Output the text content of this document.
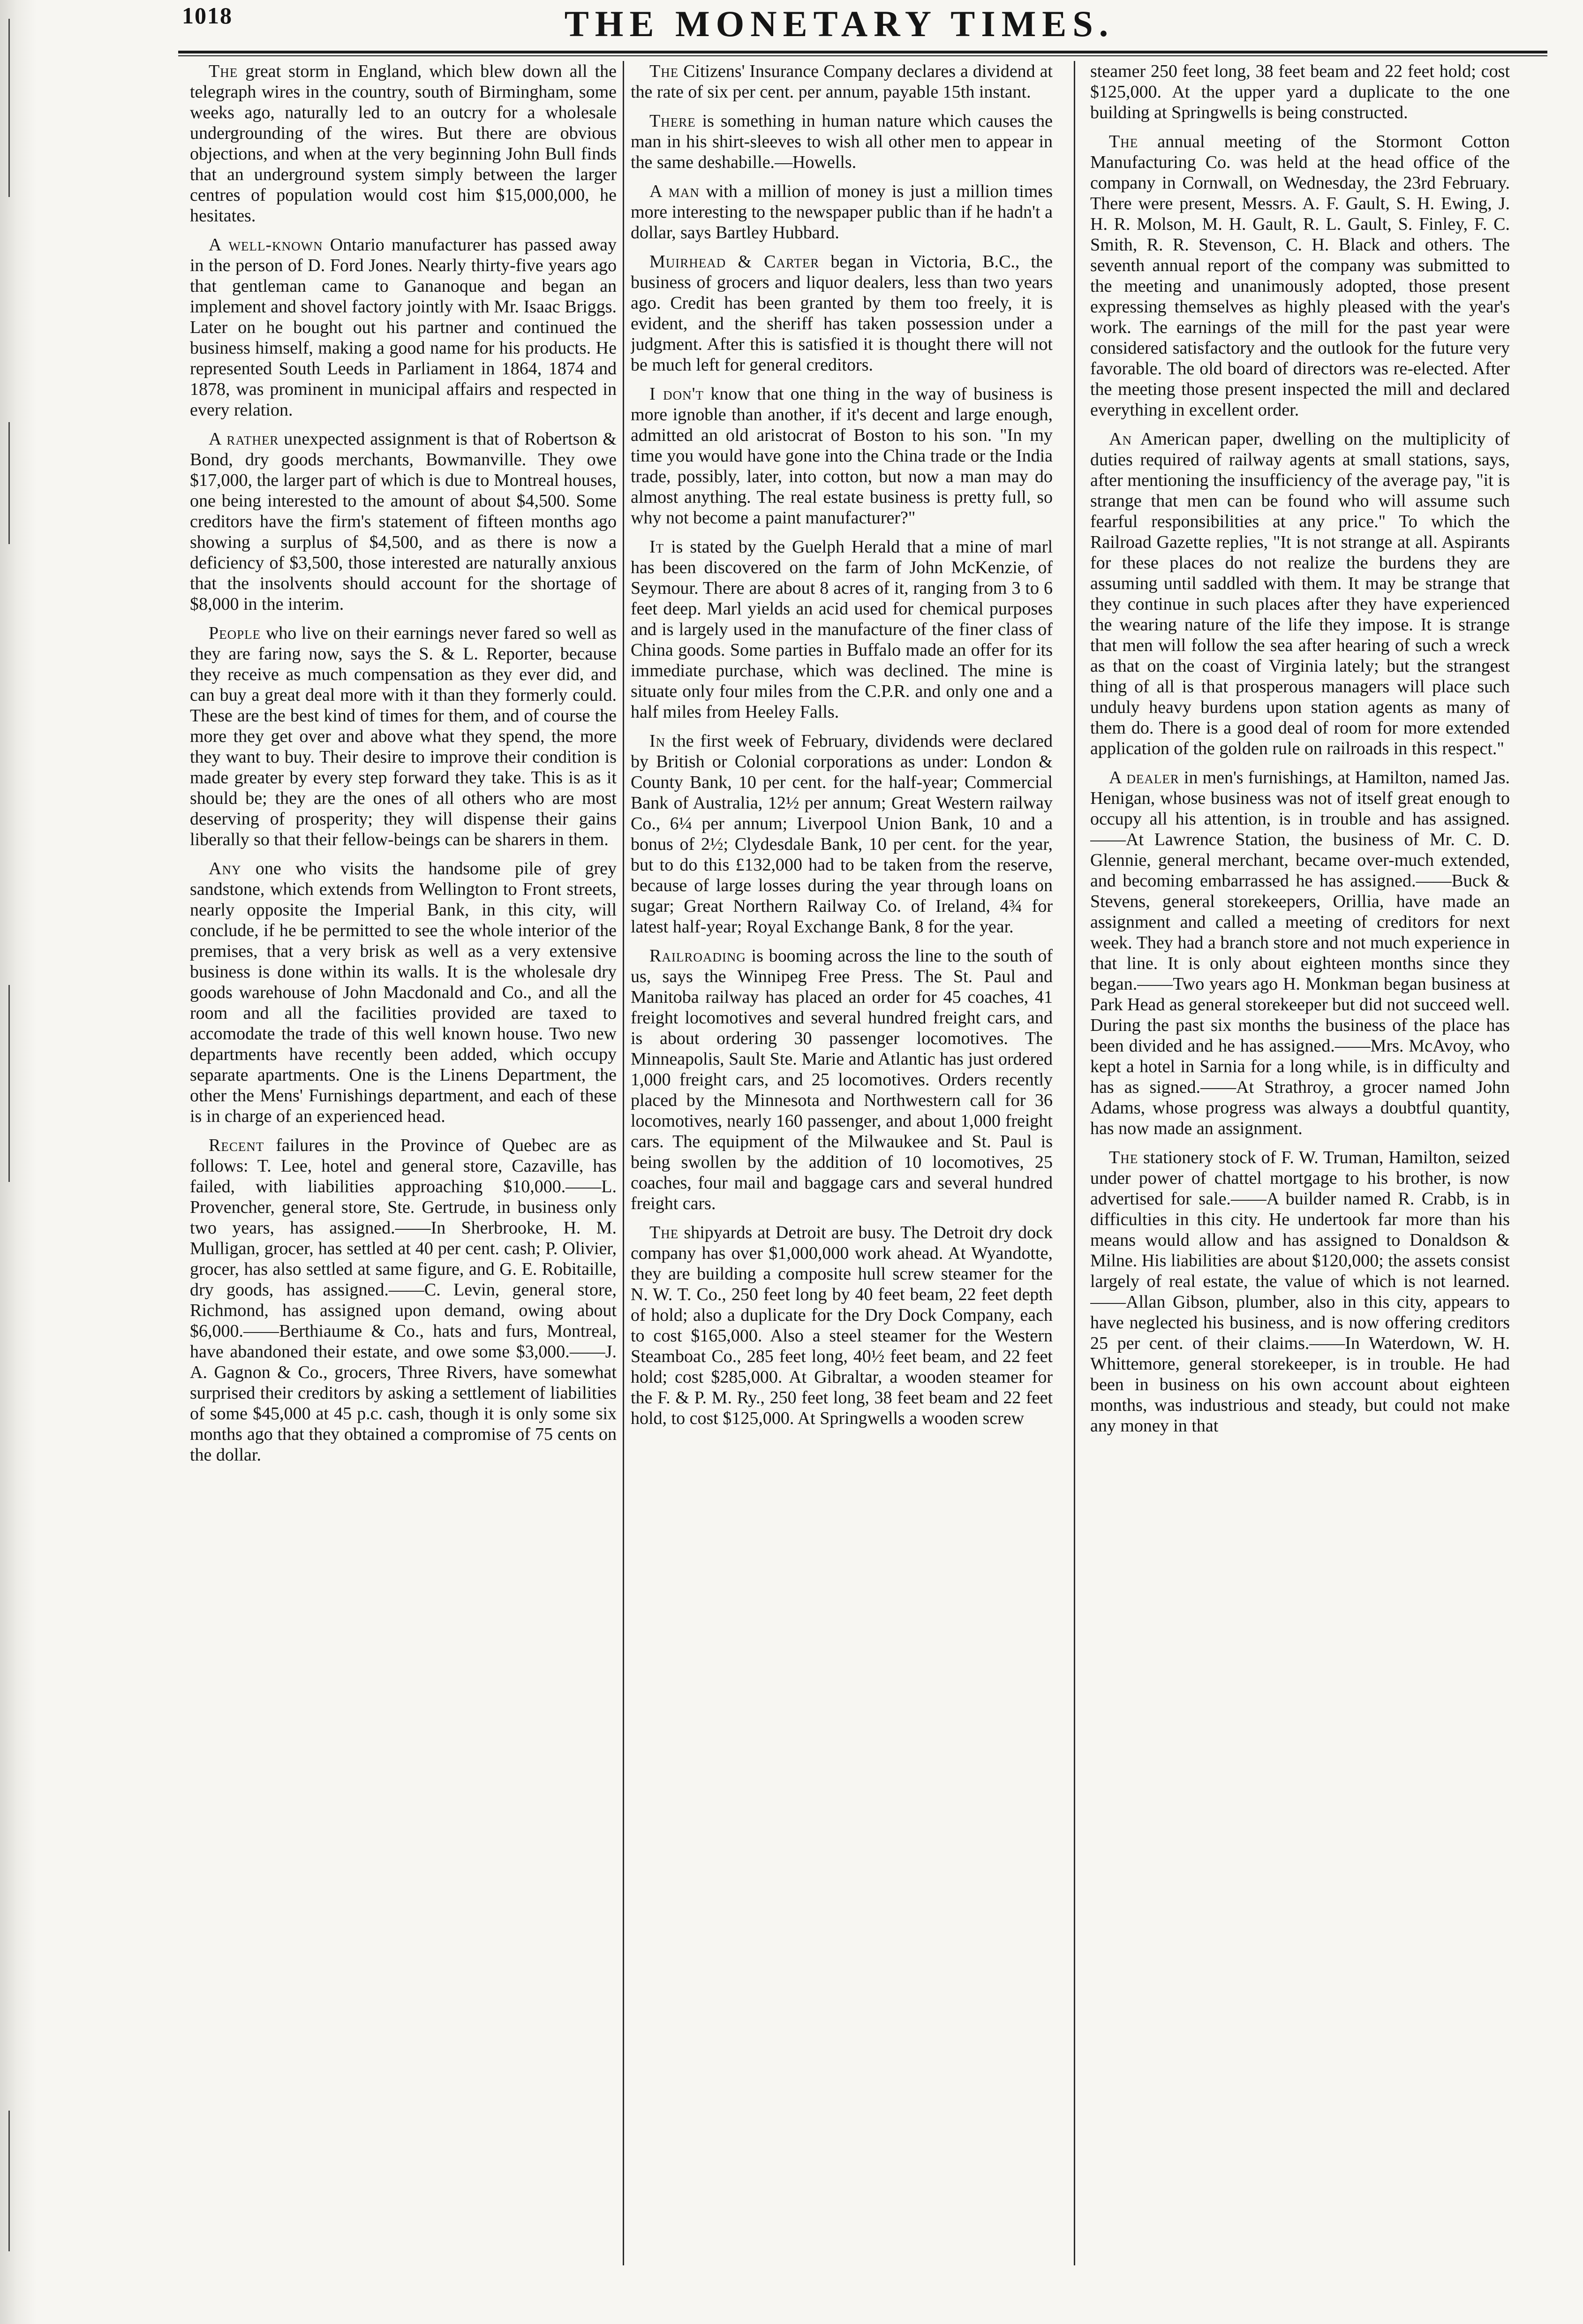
1018	THE MONETARY TIMES.

The great storm in England, which blew down all the telegraph wires in the country, south of Birmingham, some weeks ago, naturally led to an outcry for a wholesale undergrounding of the wires. But there are obvious objections, and when at the very beginning John Bull finds that an underground system simply between the larger centres of population would cost him $15,000,000, he hesitates.

A well-known Ontario manufacturer has passed away in the person of D. Ford Jones. Nearly thirty-five years ago that gentleman came to Gananoque and began an implement and shovel factory jointly with Mr. Isaac Briggs. Later on he bought out his partner and continued the business himself, making a good name for his products. He represented South Leeds in Parliament in 1864, 1874 and 1878, was prominent in municipal affairs and respected in every relation.

A rather unexpected assignment is that of Robertson & Bond, dry goods merchants, Bowmanville. They owe $17,000, the larger part of which is due to Montreal houses, one being interested to the amount of about $4,500. Some creditors have the firm's statement of fifteen months ago showing a surplus of $4,500, and as there is now a deficiency of $3,500, those interested are naturally anxious that the insolvents should account for the shortage of $8,000 in the interim.

People who live on their earnings never fared so well as they are faring now, says the S. & L. Reporter, because they receive as much compensation as they ever did, and can buy a great deal more with it than they formerly could. These are the best kind of times for them, and of course the more they get over and above what they spend, the more they want to buy. Their desire to improve their condition is made greater by every step forward they take. This is as it should be; they are the ones of all others who are most deserving of prosperity; they will dispense their gains liberally so that their fellow-beings can be sharers in them.

Any one who visits the handsome pile of grey sandstone, which extends from Wellington to Front streets, nearly opposite the Imperial Bank, in this city, will conclude, if he be permitted to see the whole interior of the premises, that a very brisk as well as a very extensive business is done within its walls. It is the wholesale dry goods warehouse of John Macdonald and Co., and all the room and all the facilities provided are taxed to accomodate the trade of this well known house. Two new departments have recently been added, which occupy separate apartments. One is the Linens Department, the other the Mens' Furnishings department, and each of these is in charge of an experienced head.

Recent failures in the Province of Quebec are as follows: T. Lee, hotel and general store, Cazaville, has failed, with liabilities approaching $10,000.——L. Provencher, general store, Ste. Gertrude, in business only two years, has assigned.——In Sherbrooke, H. M. Mulligan, grocer, has settled at 40 per cent. cash; P. Olivier, grocer, has also settled at same figure, and G. E. Robitaille, dry goods, has assigned.——C. Levin, general store, Richmond, has assigned upon demand, owing about $6,000.——Berthiaume & Co., hats and furs, Montreal, have abandoned their estate, and owe some $3,000.——J. A. Gagnon & Co., grocers, Three Rivers, have somewhat surprised their creditors by asking a settlement of liabilities of some $45,000 at 45 p.c. cash, though it is only some six months ago that they obtained a compromise of 75 cents on the dollar.

The Citizens' Insurance Company declares a dividend at the rate of six per cent. per annum, payable 15th instant.

There is something in human nature which causes the man in his shirt-sleeves to wish all other men to appear in the same deshabille.—Howells.

A man with a million of money is just a million times more interesting to the newspaper public than if he hadn't a dollar, says Bartley Hubbard.

Muirhead & Carter began in Victoria, B.C., the business of grocers and liquor dealers, less than two years ago. Credit has been granted by them too freely, it is evident, and the sheriff has taken possession under a judgment. After this is satisfied it is thought there will not be much left for general creditors.

I don't know that one thing in the way of business is more ignoble than another, if it's decent and large enough, admitted an old aristocrat of Boston to his son. "In my time you would have gone into the China trade or the India trade, possibly, later, into cotton, but now a man may do almost anything. The real estate business is pretty full, so why not become a paint manufacturer?"

It is stated by the Guelph Herald that a mine of marl has been discovered on the farm of John McKenzie, of Seymour. There are about 8 acres of it, ranging from 3 to 6 feet deep. Marl yields an acid used for chemical purposes and is largely used in the manufacture of the finer class of China goods. Some parties in Buffalo made an offer for its immediate purchase, which was declined. The mine is situate only four miles from the C.P.R. and only one and a half miles from Heeley Falls.

In the first week of February, dividends were declared by British or Colonial corporations as under: London & County Bank, 10 per cent. for the half-year; Commercial Bank of Australia, 12½ per annum; Great Western railway Co., 6¼ per annum; Liverpool Union Bank, 10 and a bonus of 2½; Clydesdale Bank, 10 per cent. for the year, but to do this £132,000 had to be taken from the reserve, because of large losses during the year through loans on sugar; Great Northern Railway Co. of Ireland, 4¾ for latest half-year; Royal Exchange Bank, 8 for the year.

Railroading is booming across the line to the south of us, says the Winnipeg Free Press. The St. Paul and Manitoba railway has placed an order for 45 coaches, 41 freight locomotives and several hundred freight cars, and is about ordering 30 passenger locomotives. The Minneapolis, Sault Ste. Marie and Atlantic has just ordered 1,000 freight cars, and 25 locomotives. Orders recently placed by the Minnesota and Northwestern call for 36 locomotives, nearly 160 passenger, and about 1,000 freight cars. The equipment of the Milwaukee and St. Paul is being swollen by the addition of 10 locomotives, 25 coaches, four mail and baggage cars and several hundred freight cars.

The shipyards at Detroit are busy. The Detroit dry dock company has over $1,000,000 work ahead. At Wyandotte, they are building a composite hull screw steamer for the N. W. T. Co., 250 feet long by 40 feet beam, 22 feet depth of hold; also a duplicate for the Dry Dock Company, each to cost $165,000. Also a steel steamer for the Western Steamboat Co., 285 feet long, 40½ feet beam, and 22 feet hold; cost $285,000. At Gibraltar, a wooden steamer for the F. & P. M. Ry., 250 feet long, 38 feet beam and 22 feet hold, to cost $125,000. At Springwells a wooden screw

steamer 250 feet long, 38 feet beam and 22 feet hold; cost $125,000. At the upper yard a duplicate to the one building at Springwells is being constructed.

The annual meeting of the Stormont Cotton Manufacturing Co. was held at the head office of the company in Cornwall, on Wednesday, the 23rd February. There were present, Messrs. A. F. Gault, S. H. Ewing, J. H. R. Molson, M. H. Gault, R. L. Gault, S. Finley, F. C. Smith, R. R. Stevenson, C. H. Black and others. The seventh annual report of the company was submitted to the meeting and unanimously adopted, those present expressing themselves as highly pleased with the year's work. The earnings of the mill for the past year were considered satisfactory and the outlook for the future very favorable. The old board of directors was re-elected. After the meeting those present inspected the mill and declared everything in excellent order.

An American paper, dwelling on the multiplicity of duties required of railway agents at small stations, says, after mentioning the insufficiency of the average pay, "it is strange that men can be found who will assume such fearful responsibilities at any price." To which the Railroad Gazette replies, "It is not strange at all. Aspirants for these places do not realize the burdens they are assuming until saddled with them. It may be strange that they continue in such places after they have experienced the wearing nature of the life they impose. It is strange that men will follow the sea after hearing of such a wreck as that on the coast of Virginia lately; but the strangest thing of all is that prosperous managers will place such unduly heavy burdens upon station agents as many of them do. There is a good deal of room for more extended application of the golden rule on railroads in this respect."

A dealer in men's furnishings, at Hamilton, named Jas. Henigan, whose business was not of itself great enough to occupy all his attention, is in trouble and has assigned.——At Lawrence Station, the business of Mr. C. D. Glennie, general merchant, became over-much extended, and becoming embarrassed he has assigned.——Buck & Stevens, general storekeepers, Orillia, have made an assignment and called a meeting of creditors for next week. They had a branch store and not much experience in that line. It is only about eighteen months since they began.——Two years ago H. Monkman began business at Park Head as general storekeeper but did not succeed well. During the past six months the business of the place has been divided and he has assigned.——Mrs. McAvoy, who kept a hotel in Sarnia for a long while, is in difficulty and has as signed.——At Strathroy, a grocer named John Adams, whose progress was always a doubtful quantity, has now made an assignment.

The stationery stock of F. W. Truman, Hamilton, seized under power of chattel mortgage to his brother, is now advertised for sale.——A builder named R. Crabb, is in difficulties in this city. He undertook far more than his means would allow and has assigned to Donaldson & Milne. His liabilities are about $120,000; the assets consist largely of real estate, the value of which is not learned.——Allan Gibson, plumber, also in this city, appears to have neglected his business, and is now offering creditors 25 per cent. of their claims.——In Waterdown, W. H. Whittemore, general storekeeper, is in trouble. He had been in business on his own account about eighteen months, was industrious and steady, but could not make any money in that
